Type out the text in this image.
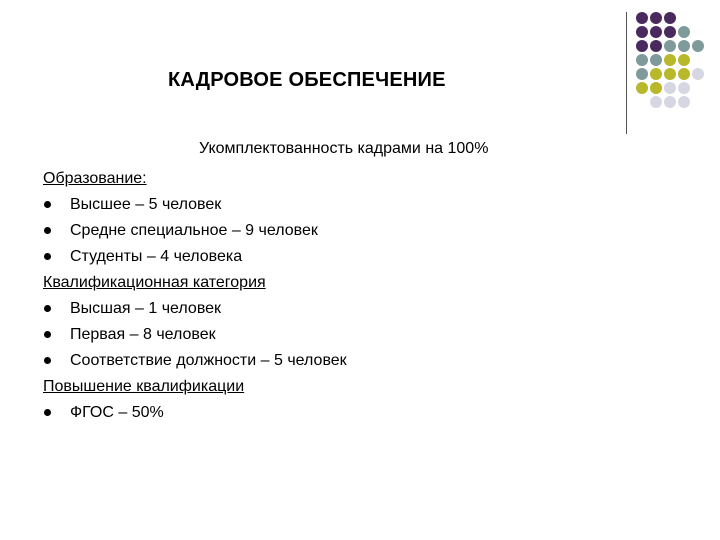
КАДРОВОЕ ОБЕСПЕЧЕНИЕ
Укомплектованность кадрами на 100%
Образование:
Высшее – 5 человек
Средне специальное – 9 человек
Студенты – 4 человека
Квалификационная категория
Высшая – 1 человек
Первая – 8 человек
Соответствие должности – 5 человек
Повышение квалификации
ФГОС – 50%
